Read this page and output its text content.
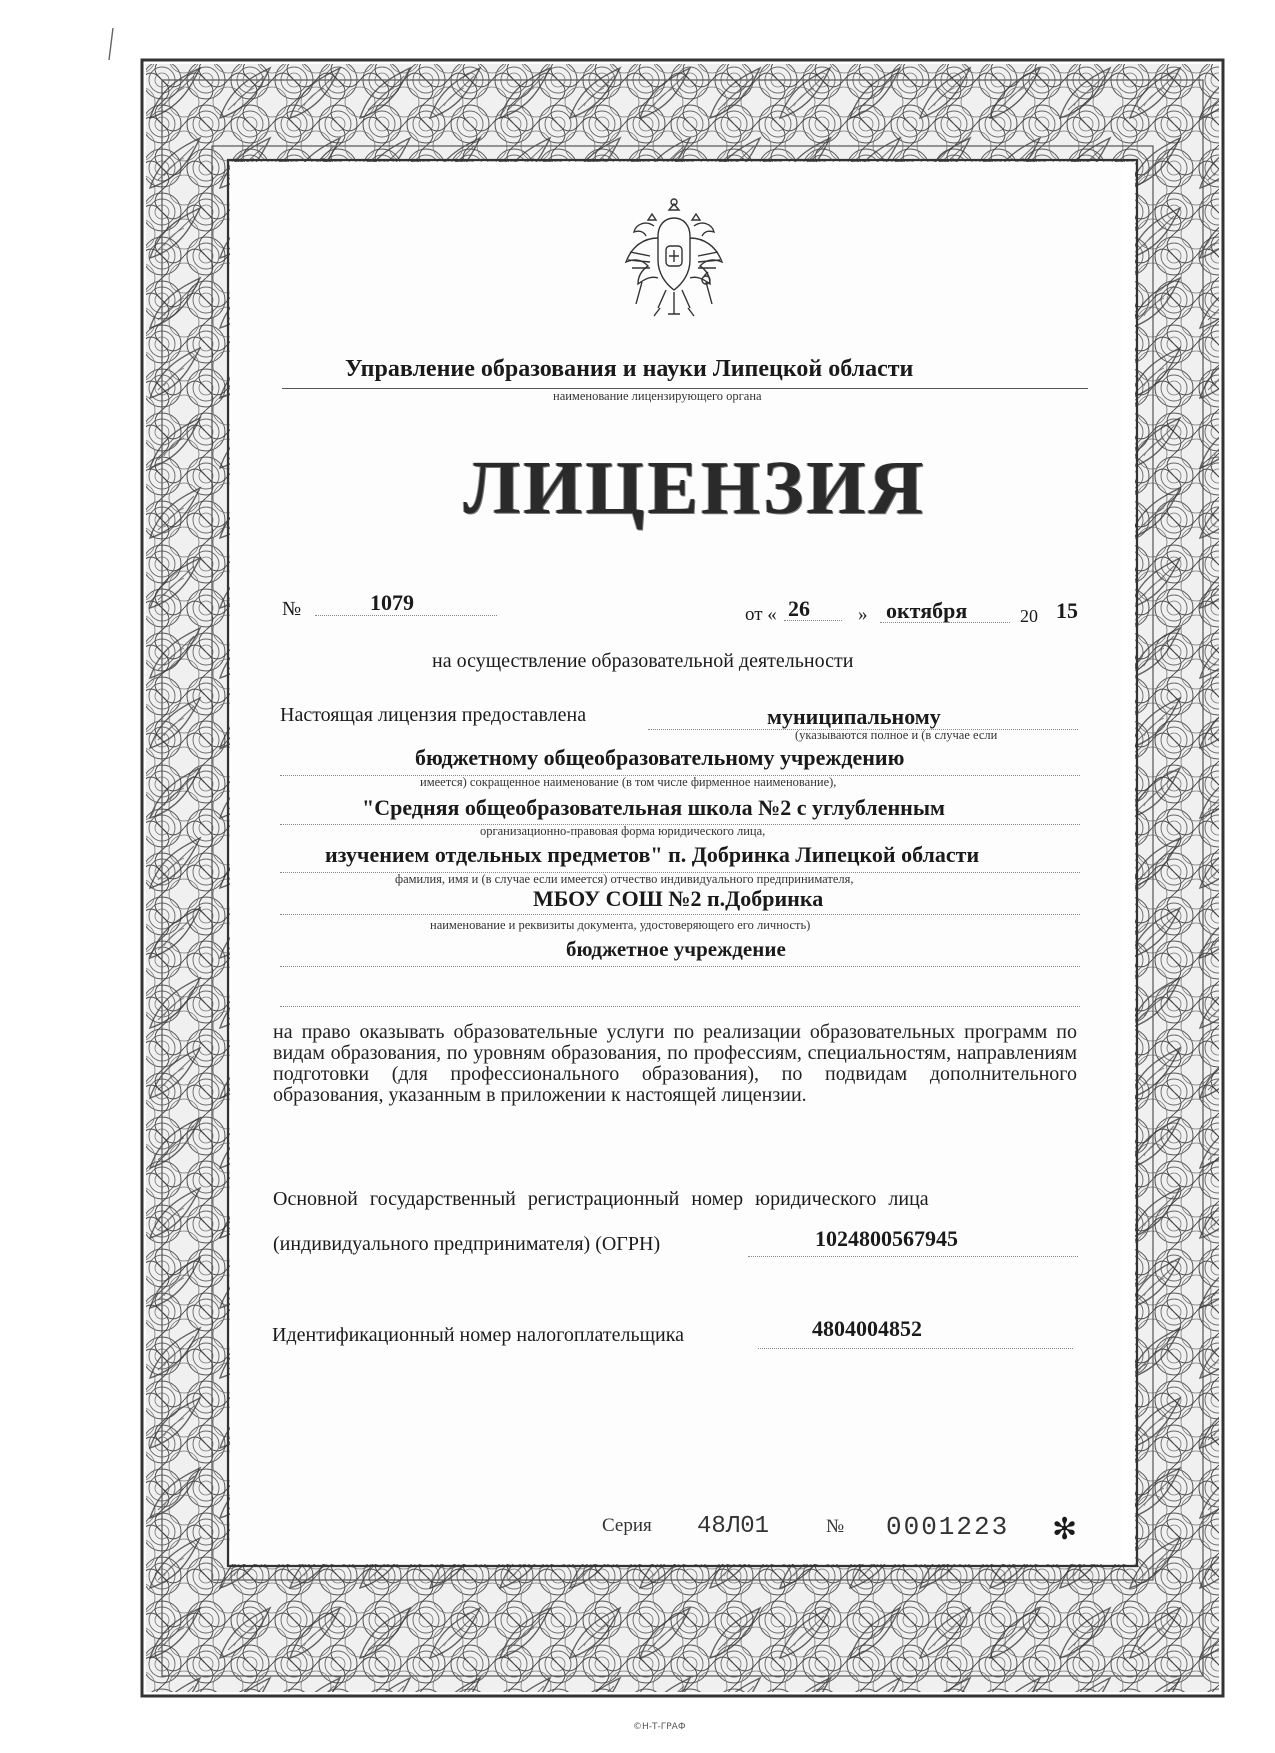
Управление образования и науки Липецкой области
наименование лицензирующего органа
ЛИЦЕНЗИЯ
№	1079	от « 26	» октября	20 15
на осуществление образовательной деятельности
Настоящая лицензия предоставлена	муниципальному
(указываются полное и (в случае если
бюджетному общеобразовательному учреждению
имеется) сокращенное наименование (в том числе фирменное наименование),
"Средняя общеобразовательная школа №2 с углубленным
организационно-правовая форма юридического лица,
изучением отдельных предметов" п. Добринка Липецкой области
фамилия, имя и (в случае если имеется) отчество индивидуального предпринимателя,
МБОУ СОШ №2 п.Добринка
наименование и реквизиты документа, удостоверяющего его личность)
бюджетное учреждение
на право оказывать образовательные услуги по реализации образовательных программ по видам образования, по уровням образования, по профессиям, специальностям, направлениям подготовки (для профессионального образования), по подвидам дополнительного образования, указанным в приложении к настоящей лицензии.
Основной государственный регистрационный номер юридического лица
(индивидуального предпринимателя) (ОГРН)	1024800567945
Идентификационный номер налогоплательщика	4804004852
Серия 48Л01	№ 0001223 ✻
©Н-Т-ГРАФ
